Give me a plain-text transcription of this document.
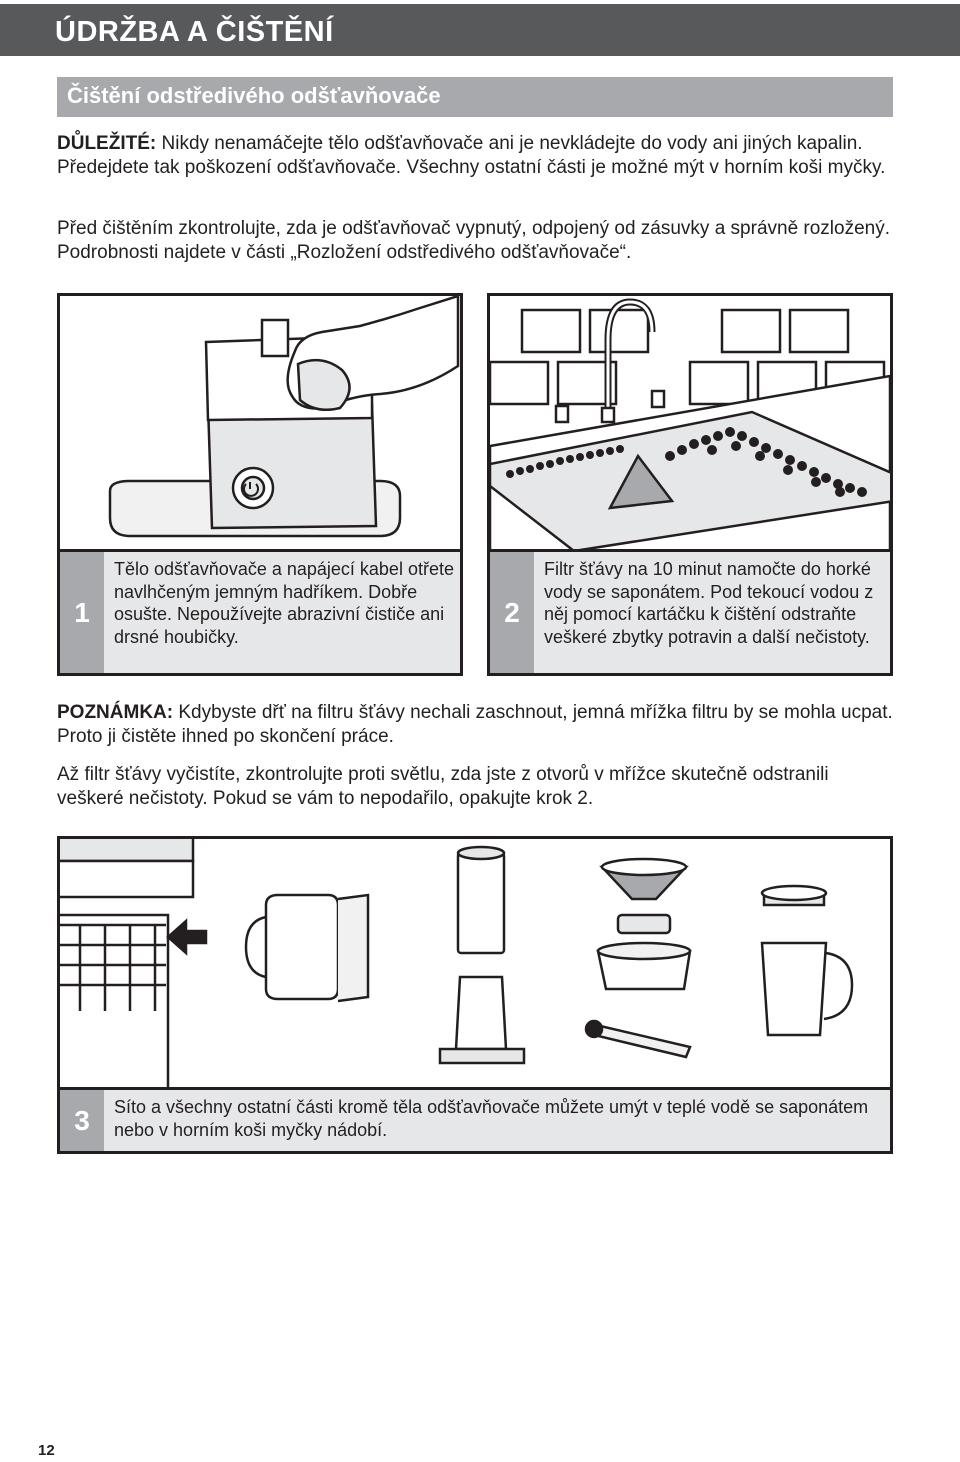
ÚDRŽBA A ČIŠTĚNÍ
Čištění odstředivého odšťavňovače

DŮLEŽITÉ: Nikdy nenamáčejte tělo odšťavňovače ani je nevkládejte do vody ani jiných kapalin. Předejdete tak poškození odšťavňovače. Všechny ostatní části je možné mýt v horním koši myčky.

Před čištěním zkontrolujte, zda je odšťavňovač vypnutý, odpojený od zásuvky a správně rozložený. Podrobnosti najdete v části „Rozložení odstředivého odšťavňovače“.

1

Tělo odšťavňovače a napájecí kabel otřete navlhčeným jemným hadříkem. Dobře osušte. Nepoužívejte abrazivní čističe ani drsné houbičky.

2

Filtr šťávy na 10 minut namočte do horké vody se saponátem. Pod tekoucí vodou z něj pomocí kartáčku k čištění odstraňte veškeré zbytky potravin a další nečistoty.

POZNÁMKA: Kdybyste dřť na filtru šťávy nechali zaschnout, jemná mřížka filtru by se mohla ucpat. Proto ji čistěte ihned po skončení práce.

Až filtr šťávy vyčistíte, zkontrolujte proti světlu, zda jste z otvorů v mřížce skutečně odstranili veškeré nečistoty. Pokud se vám to nepodařilo, opakujte krok 2.

3	Síto a všechny ostatní části kromě těla odšťavňovače můžete umýt v teplé vodě se saponátem nebo v horním koši myčky nádobí.

12
